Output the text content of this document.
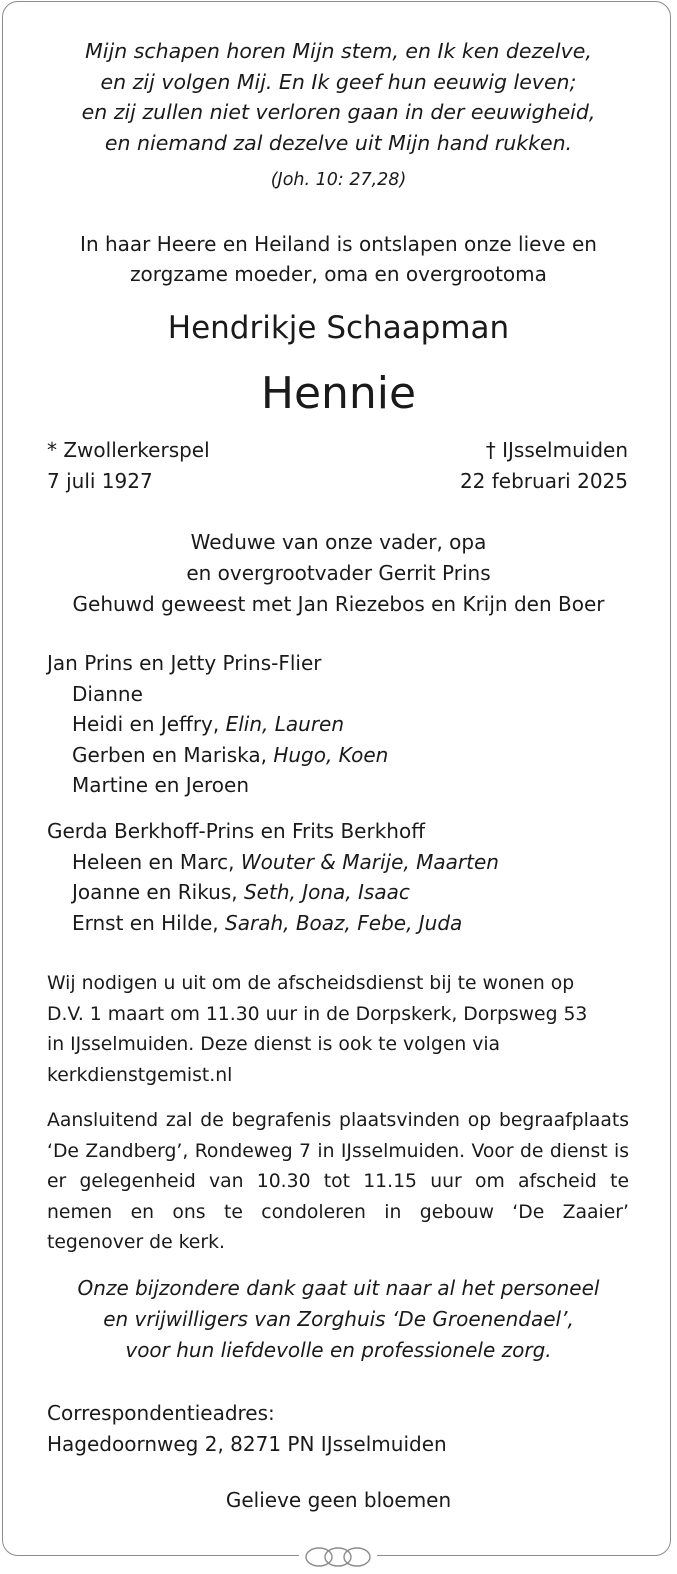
Mijn schapen horen Mijn stem, en Ik ken dezelve,
en zij volgen Mij. En Ik geef hun eeuwig leven;
en zij zullen niet verloren gaan in der eeuwigheid,
en niemand zal dezelve uit Mijn hand rukken.
(Joh. 10: 27,28)
In haar Heere en Heiland is ontslapen onze lieve en
zorgzame moeder, oma en overgrootoma
Hendrikje Schaapman
Hennie
* Zwollerkerspel
7 juli 1927
† IJsselmuiden
22 februari 2025
Weduwe van onze vader, opa
en overgrootvader Gerrit Prins
Gehuwd geweest met Jan Riezebos en Krijn den Boer
Jan Prins en Jetty Prins-Flier
Dianne
Heidi en Jeffry, Elin, Lauren
Gerben en Mariska, Hugo, Koen
Martine en Jeroen
Gerda Berkhoff-Prins en Frits Berkhoff
Heleen en Marc, Wouter & Marije, Maarten
Joanne en Rikus, Seth, Jona, Isaac
Ernst en Hilde, Sarah, Boaz, Febe, Juda
Wij nodigen u uit om de afscheidsdienst bij te wonen op
D.V. 1 maart om 11.30 uur in de Dorpskerk, Dorpsweg 53
in IJsselmuiden. Deze dienst is ook te volgen via
kerkdienstgemist.nl
Aansluitend zal de begrafenis plaatsvinden op begraafplaats ‘De Zandberg’, Rondeweg 7 in IJsselmuiden. Voor de dienst is er gelegenheid van 10.30 tot 11.15 uur om afscheid te nemen en ons te condoleren in gebouw ‘De Zaaier’ tegenover de kerk.
Onze bijzondere dank gaat uit naar al het personeel
en vrijwilligers van Zorghuis ‘De Groenendael’,
voor hun liefdevolle en professionele zorg.
Correspondentieadres:
Hagedoornweg 2, 8271 PN IJsselmuiden
Gelieve geen bloemen
